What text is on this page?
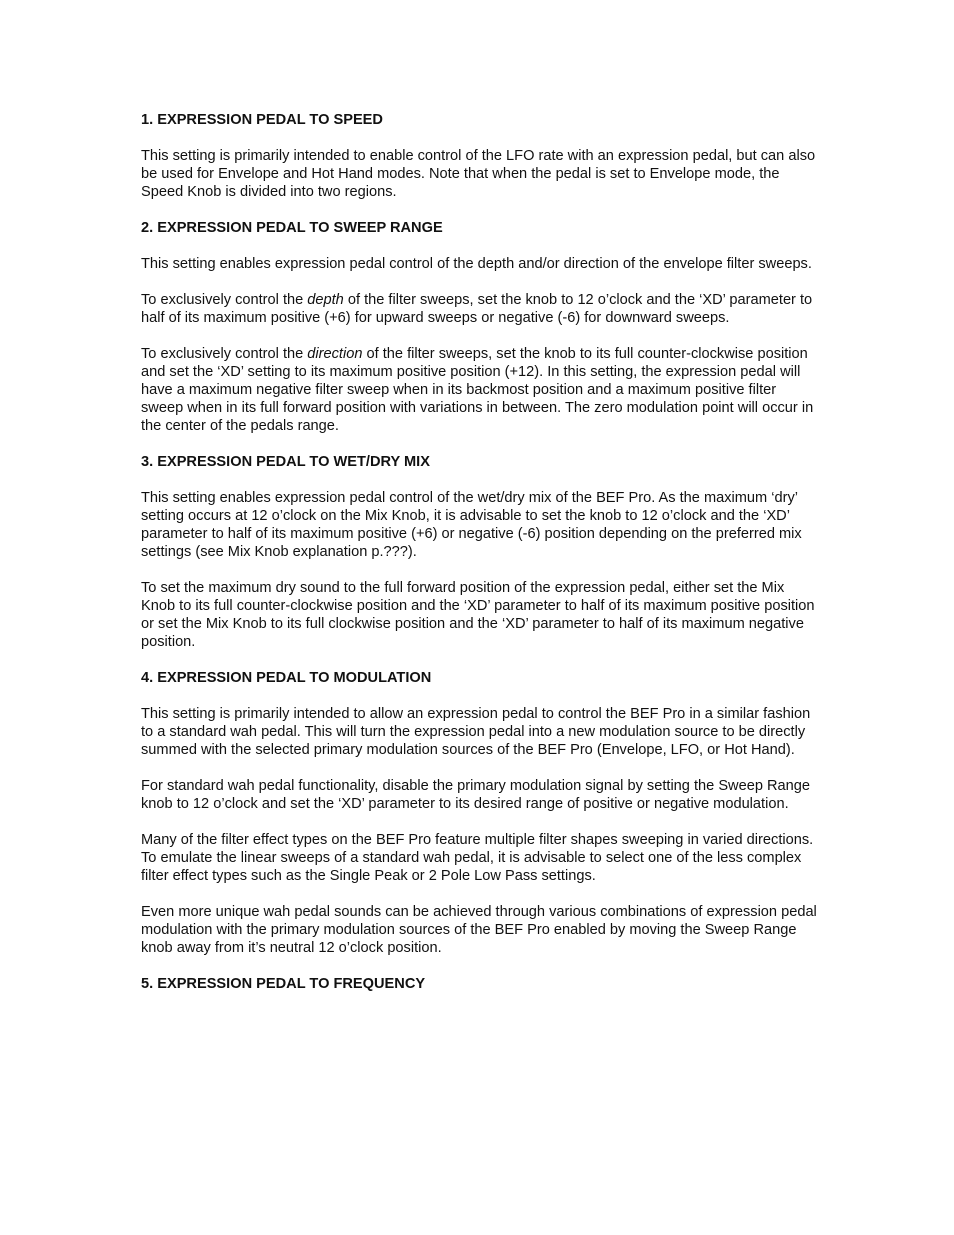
1. EXPRESSION PEDAL TO SPEED
This setting is primarily intended to enable control of the LFO rate with an expression pedal, but can also be used for Envelope and Hot Hand modes. Note that when the pedal is set to Envelope mode, the Speed Knob is divided into two regions.
2. EXPRESSION PEDAL TO SWEEP RANGE
This setting enables expression pedal control of the depth and/or direction of the envelope filter sweeps.
To exclusively control the depth of the filter sweeps, set the knob to 12 o’clock and the ‘XD’ parameter to half of its maximum positive (+6) for upward sweeps or negative (-6) for downward sweeps.
To exclusively control the direction of the filter sweeps, set the knob to its full counter-clockwise position and set the ‘XD’ setting to its maximum positive position (+12). In this setting, the expression pedal will have a maximum negative filter sweep when in its backmost position and a maximum positive filter sweep when in its full forward position with variations in between. The zero modulation point will occur in the center of the pedals range.
3. EXPRESSION PEDAL TO WET/DRY MIX
This setting enables expression pedal control of the wet/dry mix of the BEF Pro. As the maximum ‘dry’ setting occurs at 12 o’clock on the Mix Knob, it is advisable to set the knob to 12 o’clock and the ‘XD’ parameter to half of its maximum positive (+6) or negative (-6) position depending on the preferred mix settings (see Mix Knob explanation p.???).
To set the maximum dry sound to the full forward position of the expression pedal, either set the Mix Knob to its full counter-clockwise position and the ‘XD’ parameter to half of its maximum positive position or set the Mix Knob to its full clockwise position and the ‘XD’ parameter to half of its maximum negative position.
4. EXPRESSION PEDAL TO MODULATION
This setting is primarily intended to allow an expression pedal to control the BEF Pro in a similar fashion to a standard wah pedal. This will turn the expression pedal into a new modulation source to be directly summed with the selected primary modulation sources of the BEF Pro (Envelope, LFO, or Hot Hand).
For standard wah pedal functionality, disable the primary modulation signal by setting the Sweep Range knob to 12 o’clock and set the ‘XD’ parameter to its desired range of positive or negative modulation.
Many of the filter effect types on the BEF Pro feature multiple filter shapes sweeping in varied directions. To emulate the linear sweeps of a standard wah pedal, it is advisable to select one of the less complex filter effect types such as the Single Peak or 2 Pole Low Pass settings.
Even more unique wah pedal sounds can be achieved through various combinations of expression pedal modulation with the primary modulation sources of the BEF Pro enabled by moving the Sweep Range knob away from it’s neutral 12 o’clock position.
5. EXPRESSION PEDAL TO FREQUENCY
